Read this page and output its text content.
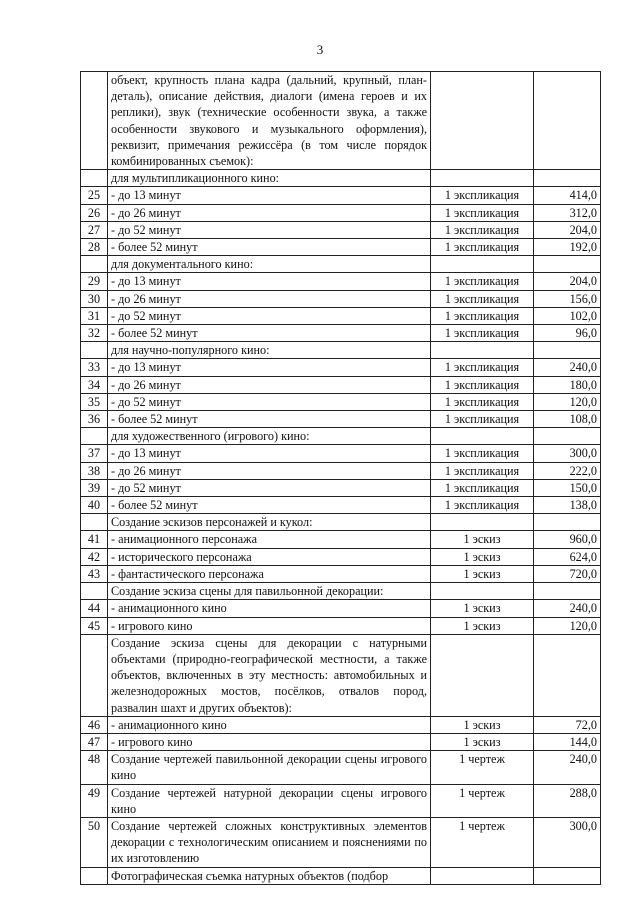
3
	объект, крупность плана кадра (дальний, крупный, план-деталь), описание действия, диалоги (имена героев и их реплики), звук (технические особенности звука, а также особенности звукового и музыкального оформления), реквизит, примечания режиссёра (в том числе порядок комбинированных съемок):		
	для мультипликационного кино:		
25	- до 13 минут	1 экспликация	414,0
26	- до 26 минут	1 экспликация	312,0
27	- до 52 минут	1 экспликация	204,0
28	- более 52 минут	1 экспликация	192,0
	для документального кино:		
29	- до 13 минут	1 экспликация	204,0
30	- до 26 минут	1 экспликация	156,0
31	- до 52 минут	1 экспликация	102,0
32	- более 52 минут	1 экспликация	96,0
	для научно-популярного кино:		
33	- до 13 минут	1 экспликация	240,0
34	- до 26 минут	1 экспликация	180,0
35	- до 52 минут	1 экспликация	120,0
36	- более 52 минут	1 экспликация	108,0
	для художественного (игрового) кино:		
37	- до 13 минут	1 экспликация	300,0
38	- до 26 минут	1 экспликация	222,0
39	- до 52 минут	1 экспликация	150,0
40	- более 52 минут	1 экспликация	138,0
	Создание эскизов персонажей и кукол:		
41	- анимационного персонажа	1 эскиз	960,0
42	- исторического персонажа	1 эскиз	624,0
43	- фантастического персонажа	1 эскиз	720,0
	Создание эскиза сцены для павильонной декорации:		
44	- анимационного кино	1 эскиз	240,0
45	- игрового кино	1 эскиз	120,0
	Создание эскиза сцены для декорации с натурными объектами (природно-географической местности, а также объектов, включенных в эту местность: автомобильных и железнодорожных мостов, посёлков, отвалов пород, развалин шахт и других объектов):		
46	- анимационного кино	1 эскиз	72,0
47	- игрового кино	1 эскиз	144,0
48	Создание чертежей павильонной декорации сцены игрового кино	1 чертеж	240,0
49	Создание чертежей натурной декорации сцены игрового кино	1 чертеж	288,0
50	Создание чертежей сложных конструктивных элементов декорации с технологическим описанием и пояснениями по их изготовлению	1 чертеж	300,0
	Фотографическая съемка натурных объектов (подбор		
